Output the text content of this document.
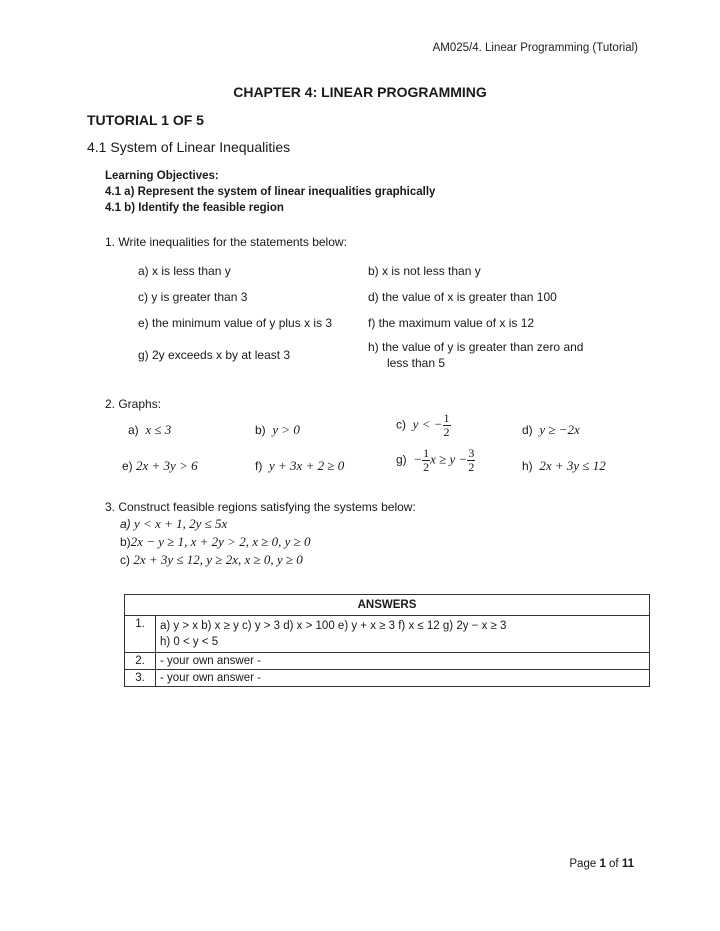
AM025/4. Linear Programming (Tutorial)
CHAPTER 4: LINEAR PROGRAMMING
TUTORIAL 1 OF 5
4.1 System of Linear Inequalities
Learning Objectives:
4.1 a) Represent the system of linear inequalities graphically
4.1 b) Identify the feasible region
1. Write inequalities for the statements below:
a) x is less than y	b) x is not less than y
c) y is greater than 3	d) the value of x is greater than 100
e) the minimum value of y plus x is 3	f) the maximum value of x is 12
g) 2y exceeds x by at least 3
h) the value of y is greater than zero and
less than 5
2. Graphs:
a) x ≤ 3	b) y > 0	c) y < − $\frac{1}{2}$	d) y ≥ −2x
e) 2x + 3y > 6	f) y + 3x + 2 ≥ 0	$g) - \frac{1}{2}$ $x \ge y - \frac{3}{2}$	h) 2x + 3y ≤ 12
3. Construct feasible regions satisfying the systems below:
a) y < x + 1, 2y ≤ 5x
b)2x − y ≥ 1, x + 2y > 2, x ≥ 0, y ≥ 0
c) 2x + 3y ≤ 12, y ≥ 2x, x ≥ 0, y ≥ 0
ANSWERS	
1.	a) y > x b) x ≥ y c) y > 3 d) x > 100 e) y + x ≥ 3 f) x ≤ 12 g) 2y − x ≥ 3
h) 0 < y < 5

2.	- your own answer -
3.	- your own answer -
Page 1 of 11
